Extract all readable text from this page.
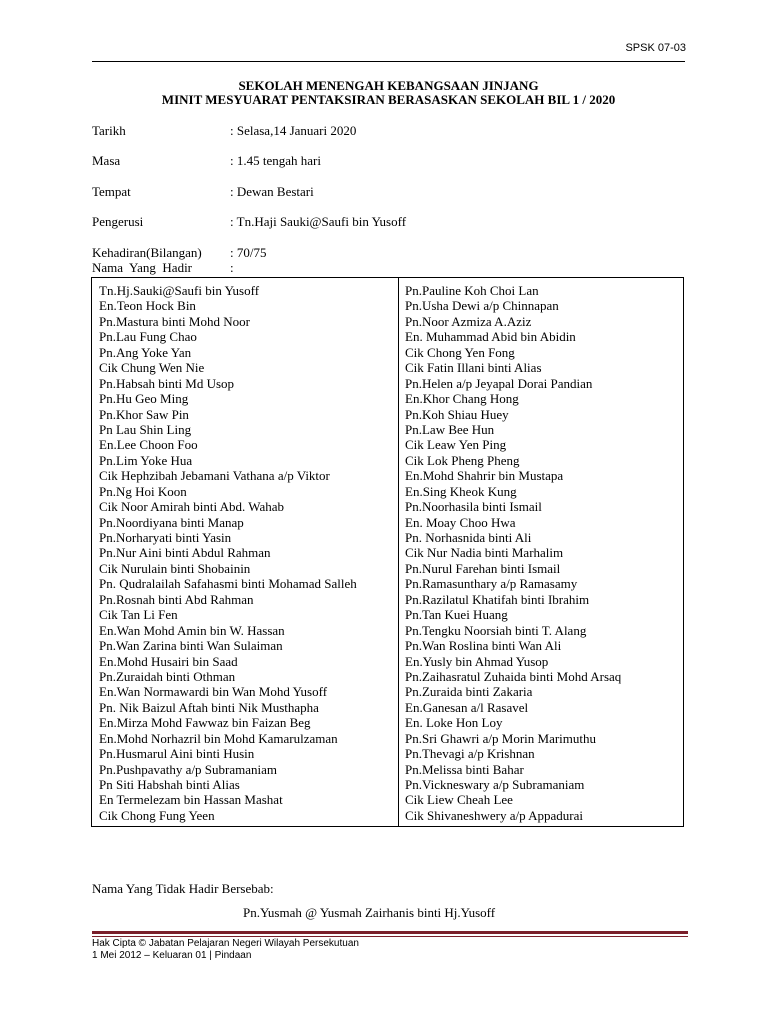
SPSK 07-03
SEKOLAH MENENGAH KEBANGSAAN JINJANG
MINIT MESYUARAT PENTAKSIRAN BERASASKAN SEKOLAH BIL 1 / 2020
Tarikh	: Selasa,14 Januari 2020
Masa	: 1.45 tengah hari
Tempat	: Dewan Bestari
Pengerusi	: Tn.Haji Sauki@Saufi bin Yusoff
Kehadiran(Bilangan) : 70/75
Nama  Yang  Hadir	:
Tn.Hj.Sauki@Saufi bin Yusoff
En.Teon Hock Bin
Pn.Mastura binti Mohd Noor
Pn.Lau Fung Chao
Pn.Ang Yoke Yan
Cik Chung Wen Nie
Pn.Habsah binti Md Usop
Pn.Hu Geo Ming
Pn.Khor Saw Pin
Pn Lau Shin Ling
En.Lee Choon Foo
Pn.Lim Yoke Hua
Cik Hephzibah Jebamani Vathana a/p Viktor
Pn.Ng Hoi Koon
Cik Noor Amirah binti Abd. Wahab
Pn.Noordiyana binti Manap
Pn.Norharyati binti Yasin
Pn.Nur Aini binti Abdul Rahman
Cik Nurulain binti Shobainin
Pn. Qudralailah Safahasmi binti Mohamad Salleh
Pn.Rosnah binti Abd Rahman
Cik Tan Li Fen
En.Wan Mohd Amin bin W. Hassan
Pn.Wan Zarina binti Wan Sulaiman
En.Mohd Husairi bin Saad
Pn.Zuraidah binti Othman
En.Wan Normawardi bin Wan Mohd Yusoff
Pn. Nik Baizul Aftah binti Nik Musthapha
En.Mirza Mohd Fawwaz bin Faizan Beg
En.Mohd Norhazril bin Mohd Kamarulzaman
Pn.Husmarul Aini binti Husin
Pn.Pushpavathy a/p Subramaniam
Pn Siti Habshah binti Alias
En Termelezam bin Hassan Mashat
Cik Chong Fung Yeen
Pn.Pauline Koh Choi Lan
Pn.Usha Dewi a/p Chinnapan
Pn.Noor Azmiza A.Aziz
En. Muhammad Abid bin Abidin
Cik Chong Yen Fong
Cik Fatin Illani binti Alias
Pn.Helen a/p Jeyapal Dorai Pandian
En.Khor Chang Hong
Pn.Koh Shiau Huey
Pn.Law Bee Hun
Cik Leaw Yen Ping
Cik Lok Pheng Pheng
En.Mohd Shahrir bin Mustapa
En.Sing Kheok Kung
Pn.Noorhasila binti Ismail
En. Moay Choo Hwa
Pn. Norhasnida binti Ali
Cik Nur Nadia binti Marhalim
Pn.Nurul Farehan binti Ismail
Pn.Ramasunthary a/p Ramasamy
Pn.Razilatul Khatifah binti Ibrahim
Pn.Tan Kuei Huang
Pn.Tengku Noorsiah binti T. Alang
Pn.Wan Roslina binti Wan Ali
En.Yusly bin Ahmad Yusop
Pn.Zaihasratul Zuhaida binti Mohd Arsaq
Pn.Zuraida binti Zakaria
En.Ganesan a/l Rasavel
En. Loke Hon Loy
Pn.Sri Ghawri a/p Morin Marimuthu
Pn.Thevagi a/p Krishnan
Pn.Melissa binti Bahar
Pn.Vickneswary a/p Subramaniam
Cik Liew Cheah Lee
Cik Shivaneshwery a/p Appadurai
Nama Yang Tidak Hadir Bersebab:
Pn.Yusmah @ Yusmah Zairhanis binti Hj.Yusoff
Hak Cipta © Jabatan Pelajaran Negeri Wilayah Persekutuan
1 Mei 2012 – Keluaran 01 | Pindaan
